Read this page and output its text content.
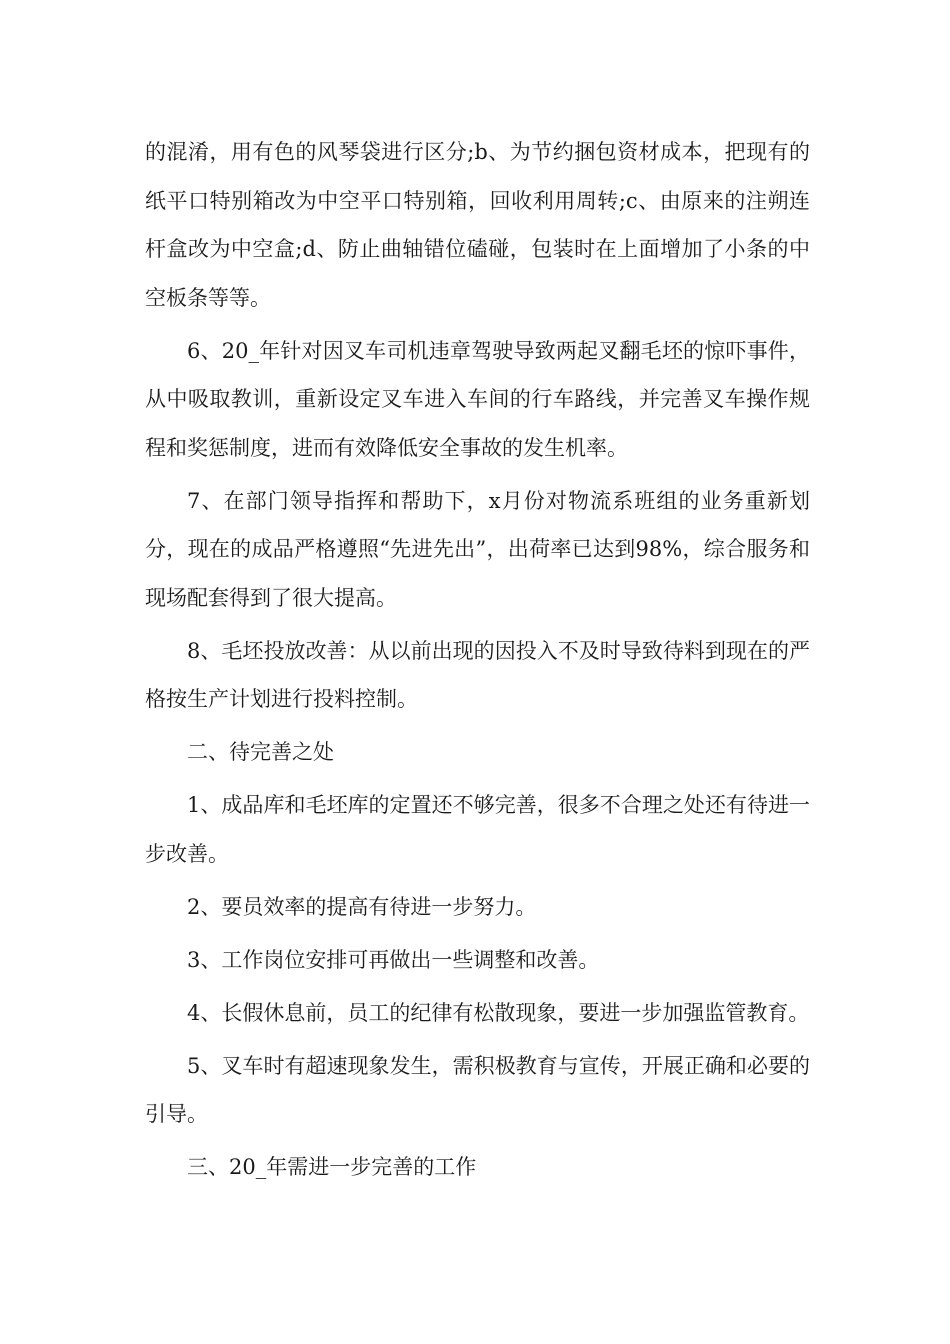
的混淆，用有色的风琴袋进行区分;b、为节约捆包资材成本，把现有的纸平口特别箱改为中空平口特别箱，回收利用周转;c、由原来的注朔连杆盒改为中空盒;d、防止曲轴错位磕碰，包装时在上面增加了小条的中空板条等等。

6、20_年针对因叉车司机违章驾驶导致两起叉翻毛坯的惊吓事件，从中吸取教训，重新设定叉车进入车间的行车路线，并完善叉车操作规程和奖惩制度，进而有效降低安全事故的发生机率。

7、在部门领导指挥和帮助下，x月份对物流系班组的业务重新划分，现在的成品严格遵照“先进先出”，出荷率已达到98%，综合服务和现场配套得到了很大提高。

8、毛坯投放改善：从以前出现的因投入不及时导致待料到现在的严格按生产计划进行投料控制。

二、待完善之处

1、成品库和毛坯库的定置还不够完善，很多不合理之处还有待进一步改善。

2、要员效率的提高有待进一步努力。

3、工作岗位安排可再做出一些调整和改善。

4、长假休息前，员工的纪律有松散现象，要进一步加强监管教育。

5、叉车时有超速现象发生，需积极教育与宣传，开展正确和必要的引导。

三、20_年需进一步完善的工作
